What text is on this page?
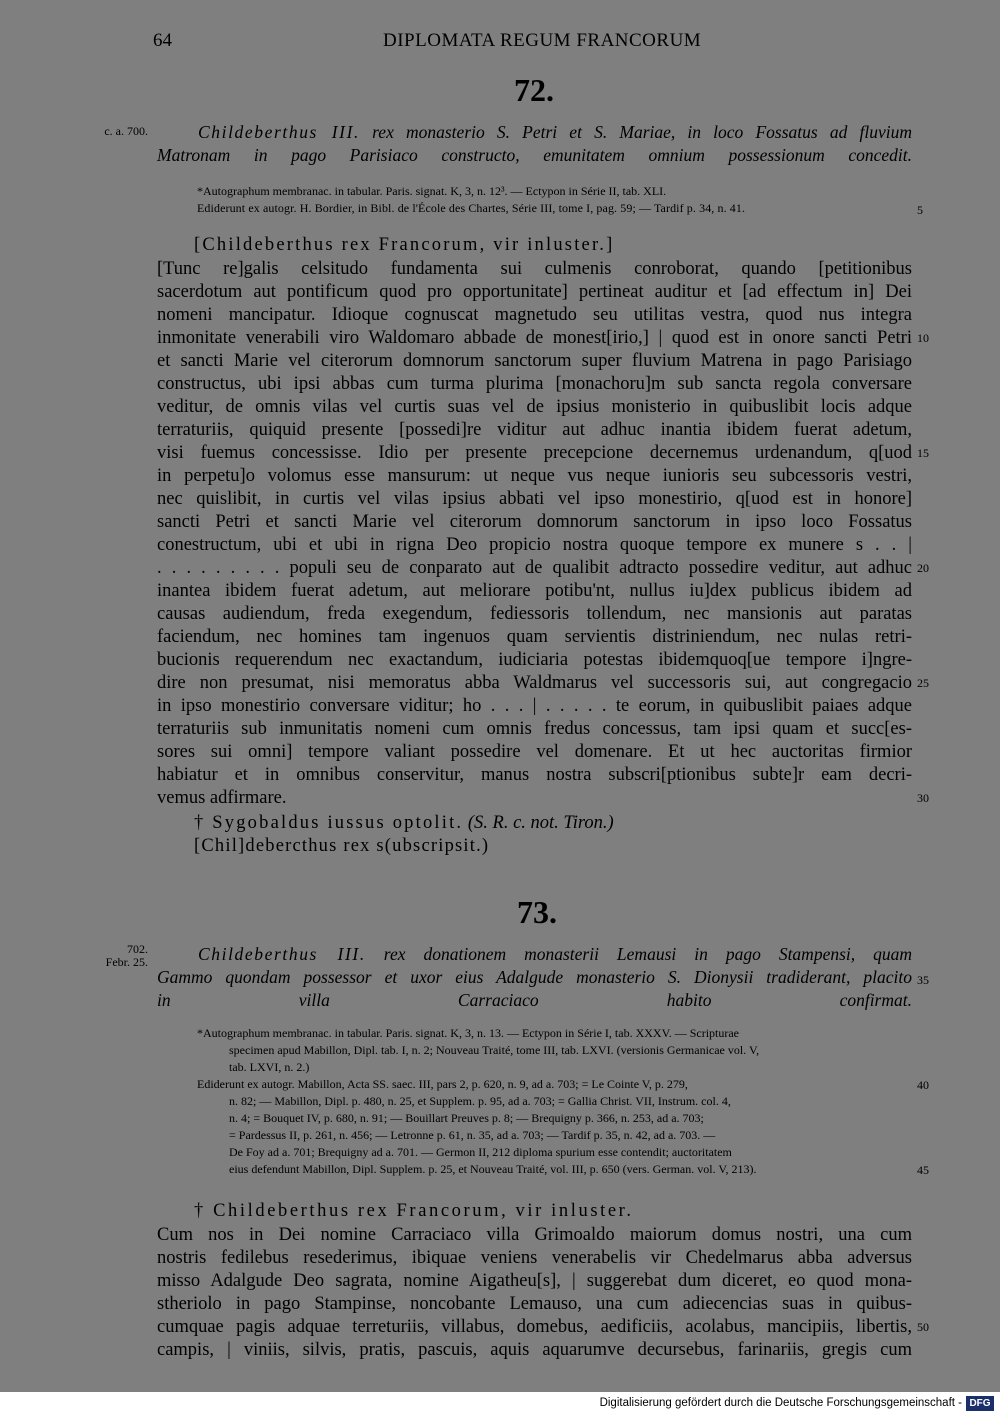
64	DIPLOMATA REGUM FRANCORUM
72.
c. a. 700.	Childeberthus III. rex monasterio S. Petri et S. Mariae, in loco Fossatus ad fluvium
Matronam in pago Parisiaco constructo, emunitatem omnium possessionum concedit.
*Autographum membranac. in tabular. Paris. signat. K, 3, n. 12³. — Ectypon in Série II, tab. XLI.
Ediderunt ex autogr. H. Bordier, in Bibl. de l'École des Chartes, Série III, tome I, pag. 59; — Tardif p. 34, n. 41.	5
[Childeberthus rex Francorum, vir inluster.]
[Tunc re]galis celsitudo fundamenta sui culmenis conroborat, quando [petitionibus
sacerdotum aut pontificum quod pro opportunitate] pertineat auditur et [ad effectum in] Dei
nomeni mancipatur. Idioque cognuscat magnetudo seu utilitas vestra, quod nus integra
inmonitate venerabili viro Waldomaro abbade de monest[irio,] | quod est in onore sancti Petri
et sancti Marie vel citerorum domnorum sanctorum super fluvium Matrena in pago Parisiago
constructus, ubi ipsi abbas cum turma plurima [monachoru]m sub sancta regola conversare
veditur, de omnis vilas vel curtis suas vel de ipsius monisterio in quibuslibit locis adque
terraturiis, quiquid presente [possedi]re viditur aut adhuc inantia ibidem fuerat adetum,
visi fuemus concessisse. Idio per presente precepcione decernemus urdenandum, q[uod
in perpetu]o volomus esse mansurum: ut neque vus neque iunioris seu subcessoris vestri,
nec quislibit, in curtis vel vilas ipsius abbati vel ipso monestirio, q[uod est in honore]
sancti Petri et sancti Marie vel citerorum domnorum sanctorum in ipso loco Fossatus
conestructum, ubi et ubi in rigna Deo propicio nostra quoque tempore ex munere s . . |
. . . . . . . . . populi seu de conparato aut de qualibit adtracto possedire veditur, aut adhuc
inantea ibidem fuerat adetum, aut meliorare potibu'nt, nullus iu]dex publicus ibidem ad
causas audiendum, freda exegendum, fediessoris tollendum, nec mansionis aut paratas
faciendum, nec homines tam ingenuos quam servientis distriniendum, nec nulas retri-
bucionis requerendum nec exactandum, iudiciaria potestas ibidemquoq[ue tempore i]ngre-
dire non presumat, nisi memoratus abba Waldmarus vel successoris sui, aut congregacio
in ipso monestirio conversare viditur; ho . . . | . . . . . te eorum, in quibuslibit paiaes adque
terraturiis sub inmunitatis nomeni cum omnis fredus concessus, tam ipsi quam et succ[es-
sores sui omni] tempore valiant possedire vel domenare. Et ut hec auctoritas firmior
habiatur et in omnibus conservitur, manus nostra subscri[ptionibus subte]r eam decri-
vemus adfirmare.
† Sygobaldus iussus optolit. (S. R. c. not. Tiron.)
[Chil]debercthus rex s(ubscripsit.)
73.
702.
Febr. 25.	Childeberthus III. rex donationem monasterii Lemausi in pago Stampensi, quam
Gammo quondam possessor et uxor eius Adalgude monasterio S. Dionysii tradiderant, placito
in villa Carraciaco habito confirmat.
35
*Autographum membranac. in tabular. Paris. signat. K, 3, n. 13. — Ectypon in Série I, tab. XXXV. — Scripturae
specimen apud Mabillon, Dipl. tab. I, n. 2; Nouveau Traité, tome III, tab. LXVI. (versionis Germanicae vol. V,
tab. LXVI, n. 2.)
Ediderunt ex autogr. Mabillon, Acta SS. saec. III, pars 2, p. 620, n. 9, ad a. 703; = Le Cointe V, p. 279,
n. 82; — Mabillon, Dipl. p. 480, n. 25, et Supplem. p. 95, ad a. 703; = Gallia Christ. VII, Instrum. col. 4,
n. 4; = Bouquet IV, p. 680, n. 91; — Bouillart Preuves p. 8; — Brequigny p. 366, n. 253, ad a. 703;
= Pardessus II, p. 261, n. 456; — Letronne p. 61, n. 35, ad a. 703; — Tardif p. 35, n. 42, ad a. 703. —
De Foy ad a. 701; Brequigny ad a. 701. — Germon II, 212 diploma spurium esse contendit; auctoritatem
eius defendunt Mabillon, Dipl. Supplem. p. 25, et Nouveau Traité, vol. III, p. 650 (vers. German. vol. V, 213).
† Childeberthus rex Francorum, vir inluster.
Cum nos in Dei nomine Carraciaco villa Grimoaldo maiorum domus nostri, una cum
nostris fedilebus resederimus, ibiquae veniens venerabelis vir Chedelmarus abba adversus
misso Adalgude Deo sagrata, nomine Aigatheu[s], | suggerebat dum diceret, eo quod mona-
stheriolo in pago Stampinse, noncobante Lemauso, una cum adiecencias suas in quibus-
cumquae pagis adquae terreturiis, villabus, domebus, aedificiis, acolabus, mancipiis, libertis,
campis, | viniis, silvis, pratis, pascuis, aquis aquarumve decursebus, farinariis, gregis cum
Digitalisierung gefördert durch die Deutsche Forschungsgemeinschaft - DFG
10
15
20
25
30
40
45
50
